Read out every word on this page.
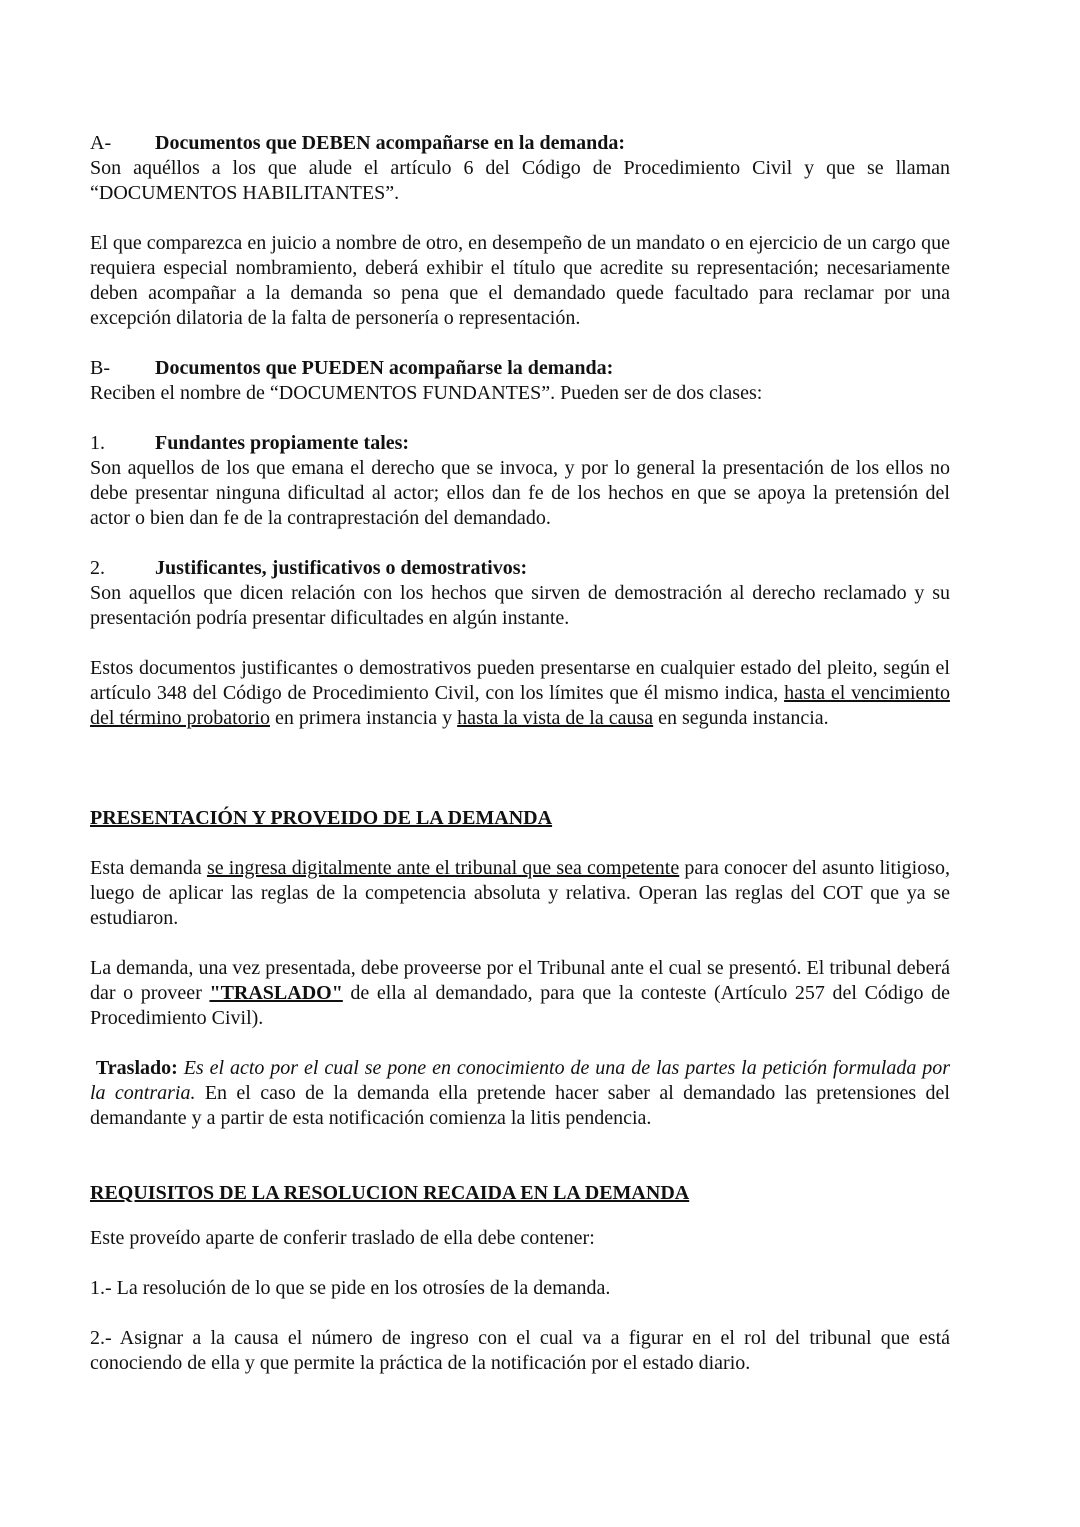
A- Documentos que DEBEN acompañarse en la demanda:
Son aquéllos a los que alude el artículo 6 del Código de Procedimiento Civil y que se llaman “DOCUMENTOS HABILITANTES”.
El que comparezca en juicio a nombre de otro, en desempeño de un mandato o en ejercicio de un cargo que requiera especial nombramiento, deberá exhibir el título que acredite su representación; necesariamente deben acompañar a la demanda so pena que el demandado quede facultado para reclamar por una excepción dilatoria de la falta de personería o representación.
B- Documentos que PUEDEN acompañarse la demanda:
Reciben el nombre de “DOCUMENTOS FUNDANTES”. Pueden ser de dos clases:
1.	Fundantes propiamente tales:
Son aquellos de los que emana el derecho que se invoca, y por lo general la presentación de los ellos no debe presentar ninguna dificultad al actor; ellos dan fe de los hechos en que se apoya la pretensión del actor o bien dan fe de la contraprestación del demandado.
2.	Justificantes, justificativos o demostrativos:
Son aquellos que dicen relación con los hechos que sirven de demostración al derecho reclamado y su presentación podría presentar dificultades en algún instante.
Estos documentos justificantes o demostrativos pueden presentarse en cualquier estado del pleito, según el artículo 348 del Código de Procedimiento Civil, con los límites que él mismo indica, hasta el vencimiento del término probatorio en primera instancia y hasta la vista de la causa en segunda instancia.
PRESENTACIÓN Y PROVEIDO DE LA DEMANDA
Esta demanda se ingresa digitalmente ante el tribunal que sea competente para conocer del asunto litigioso, luego de aplicar las reglas de la competencia absoluta y relativa. Operan las reglas del COT que ya se estudiaron.
La demanda, una vez presentada, debe proveerse por el Tribunal ante el cual se presentó. El tribunal deberá dar o proveer "TRASLADO" de ella al demandado, para que la conteste (Artículo 257 del Código de Procedimiento Civil).
Traslado: Es el acto por el cual se pone en conocimiento de una de las partes la petición formulada por la contraria. En el caso de la demanda ella pretende hacer saber al demandado las pretensiones del demandante y a partir de esta notificación comienza la litis pendencia.
REQUISITOS DE LA RESOLUCION RECAIDA EN LA DEMANDA
Este proveído aparte de conferir traslado de ella debe contener:
1.- La resolución de lo que se pide en los otrosíes de la demanda.
2.- Asignar a la causa el número de ingreso con el cual va a figurar en el rol del tribunal que está conociendo de ella y que permite la práctica de la notificación por el estado diario.
